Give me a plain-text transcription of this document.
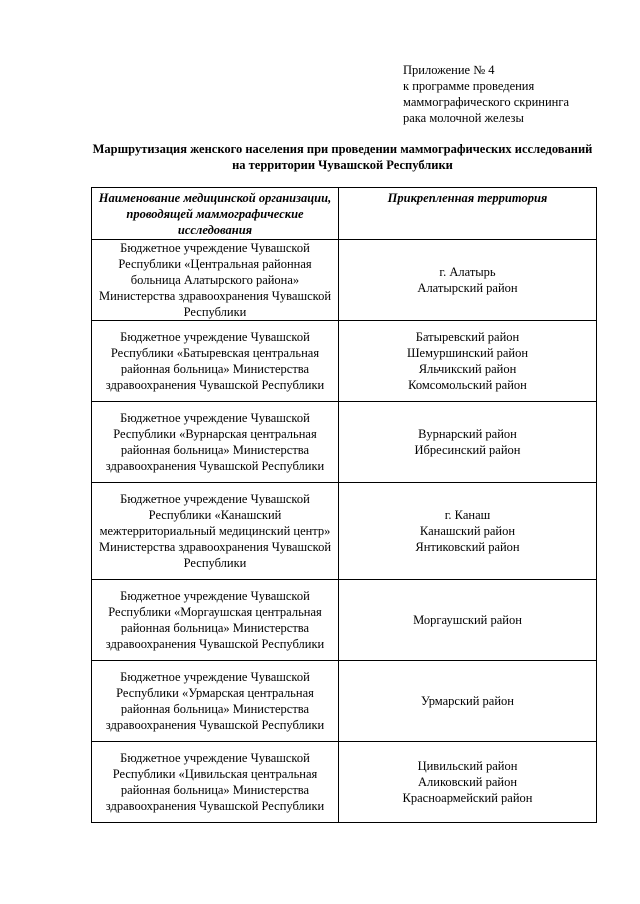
Приложение № 4
к программе проведения
маммографического скрининга
рака молочной железы
Маршрутизация женского населения при проведении маммографических исследований на территории Чувашской Республики
Наименование медицинской организации, проводящей маммографические исследования	Прикрепленная территория
Бюджетное учреждение Чувашской Республики «Центральная районная больница Алатырского района» Министерства здравоохранения Чувашской Республики	г. Алатырь
Алатырский район

Бюджетное учреждение Чувашской Республики «Батыревская центральная районная больница» Министерства здравоохранения Чувашской Республики	Батыревский район
Шемуршинский район
Яльчикский район
Комсомольский район

Бюджетное учреждение Чувашской Республики «Вурнарская центральная районная больница» Министерства здравоохранения Чувашской Республики	Вурнарский район
Ибресинский район

Бюджетное учреждение Чувашской Республики «Канашский межтерриториальный медицинский центр» Министерства здравоохранения Чувашской Республики	г. Канаш
Канашский район
Янтиковский район

Бюджетное учреждение Чувашской Республики «Моргаушская центральная районная больница» Министерства здравоохранения Чувашской Республики	Моргаушский район

Бюджетное учреждение Чувашской Республики «Урмарская центральная районная больница» Министерства здравоохранения Чувашской Республики	Урмарский район

Бюджетное учреждение Чувашской Республики «Цивильская центральная районная больница» Министерства здравоохранения Чувашской Республики	Цивильский район
Аликовский район
Красноармейский район
